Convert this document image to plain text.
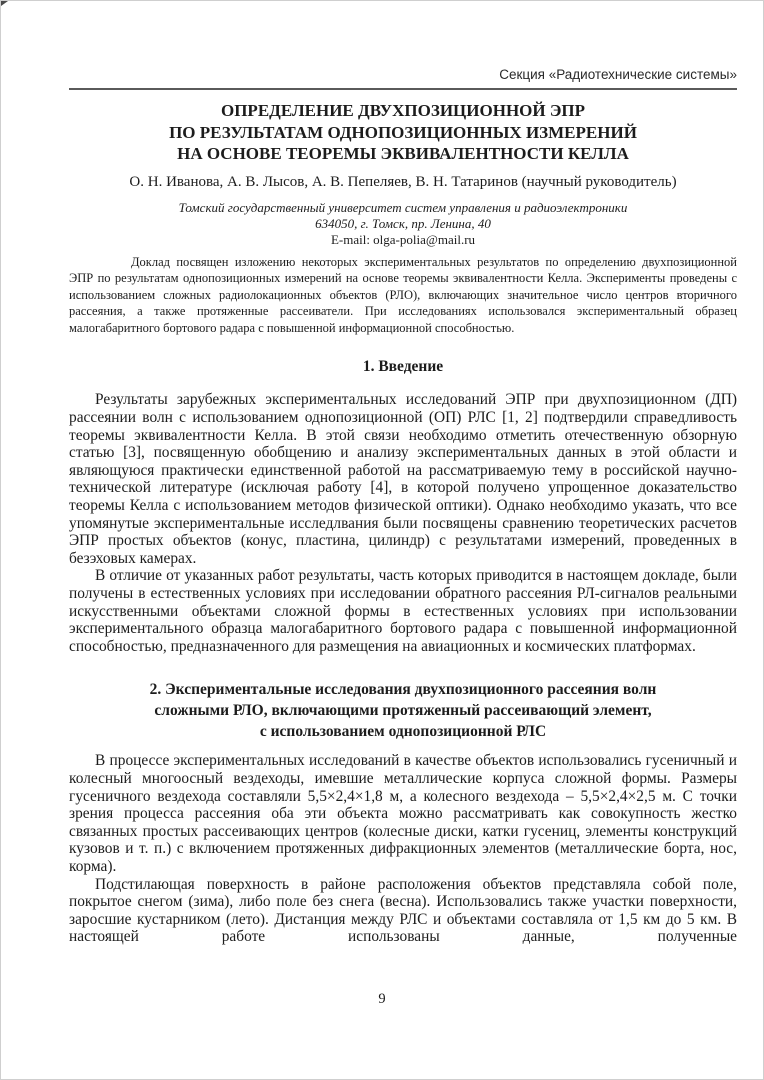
Секция «Радиотехнические системы»
ОПРЕДЕЛЕНИЕ ДВУХПОЗИЦИОННОЙ ЭПР
ПО РЕЗУЛЬТАТАМ ОДНОПОЗИЦИОННЫХ ИЗМЕРЕНИЙ
НА ОСНОВЕ ТЕОРЕМЫ ЭКВИВАЛЕНТНОСТИ КЕЛЛА
О. Н. Иванова, А. В. Лысов, А. В. Пепеляев, В. Н. Татаринов (научный руководитель)
Томский государственный университет систем управления и радиоэлектроники
634050, г. Томск, пр. Ленина, 40
E-mail: olga-polia@mail.ru

Доклад посвящен изложению некоторых экспериментальных результатов по определению двухпозиционной ЭПР по результатам однопозиционных измерений на основе теоремы эквивалентности Келла. Эксперименты проведены с использованием сложных радиолокационных объектов (РЛО), включающих значительное число центров вторичного рассеяния, а также протяженные рассеиватели. При исследованиях использовался экспериментальный образец малогабаритного бортового радара с повышенной информационной способностью.

1. Введение

Результаты зарубежных экспериментальных исследований ЭПР при двухпозиционном (ДП) рассеянии волн с использованием однопозиционной (ОП) РЛС [1, 2] подтвердили справедливость теоремы эквивалентности Келла. В этой связи необходимо отметить отечественную обзорную статью [3], посвященную обобщению и анализу экспериментальных данных в этой области и являющуюся практически единственной работой на рассматриваемую тему в российской научно-технической литературе (исключая работу [4], в которой получено упрощенное доказательство теоремы Келла с использованием методов физической оптики). Однако необходимо указать, что все упомянутые экспериментальные исследлвания были посвящены сравнению теоретических расчетов ЭПР простых объектов (конус, пластина, цилиндр) с результатами измерений, проведенных в безэховых камерах.

В отличие от указанных работ результаты, часть которых приводится в настоящем докладе, были получены в естественных условиях при исследовании обратного рассеяния РЛ-сигналов реальными искусственными объектами сложной формы в естественных условиях при использовании экспериментального образца малогабаритного бортового радара с повышенной информационной способностью, предназначенного для размещения на авиационных и космических платформах.

2. Экспериментальные исследования двухпозиционного рассеяния волн
сложными РЛО, включающими протяженный рассеивающий элемент,
с использованием однопозиционной РЛС

В процессе экспериментальных исследований в качестве объектов использовались гусеничный и колесный многоосный вездеходы, имевшие металлические корпуса сложной формы. Размеры гусеничного вездехода составляли 5,5×2,4×1,8 м, а колесного вездехода – 5,5×2,4×2,5 м. С точки зрения процесса рассеяния оба эти объекта можно рассматривать как совокупность жестко связанных простых рассеивающих центров (колесные диски, катки гусениц, элементы конструкций кузовов и т. п.) с включением протяженных дифракционных элементов (металлические борта, нос, корма).

Подстилающая поверхность в районе расположения объектов представляла собой поле, покрытое снегом (зима), либо поле без снега (весна). Использовались также участки поверхности, заросшие кустарником (лето). Дистанция между РЛС и объектами составляла от 1,5 км до 5 км. В настоящей работе использованы данные, полученные

9
